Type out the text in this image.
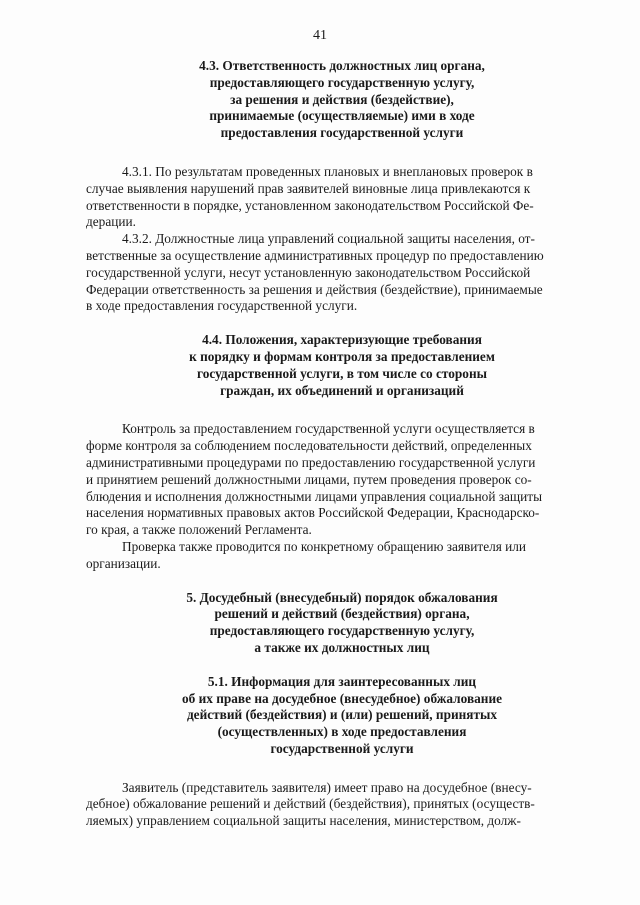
41
4.3. Ответственность должностных лиц органа,
предоставляющего государственную услугу,
за решения и действия (бездействие),
принимаемые (осуществляемые) ими в ходе
предоставления государственной услуги
4.3.1. По результатам проведенных плановых и внеплановых проверок в
случае выявления нарушений прав заявителей виновные лица привлекаются к
ответственности в порядке, установленном законодательством Российской Фе-
дерации.
4.3.2. Должностные лица управлений социальной защиты населения, от-
ветственные за осуществление административных процедур по предоставлению
государственной услуги, несут установленную законодательством Российской
Федерации ответственность за решения и действия (бездействие), принимаемые
в ходе предоставления государственной услуги.
4.4. Положения, характеризующие требования
к порядку и формам контроля за предоставлением
государственной услуги, в том числе со стороны
граждан, их объединений и организаций
Контроль за предоставлением государственной услуги осуществляется в
форме контроля за соблюдением последовательности действий, определенных
административными процедурами по предоставлению государственной услуги
и принятием решений должностными лицами, путем проведения проверок со-
блюдения и исполнения должностными лицами управления социальной защиты
населения нормативных правовых актов Российской Федерации, Краснодарско-
го края, а также положений Регламента.
Проверка также проводится по конкретному обращению заявителя или
организации.
5. Досудебный (внесудебный) порядок обжалования
решений и действий (бездействия) органа,
предоставляющего государственную услугу,
а также их должностных лиц
5.1. Информация для заинтересованных лиц
об их праве на досудебное (внесудебное) обжалование
действий (бездействия) и (или) решений, принятых
(осуществленных) в ходе предоставления
государственной услуги
Заявитель (представитель заявителя) имеет право на досудебное (внесу-
дебное) обжалование решений и действий (бездействия), принятых (осуществ-
ляемых) управлением социальной защиты населения, министерством, долж-
